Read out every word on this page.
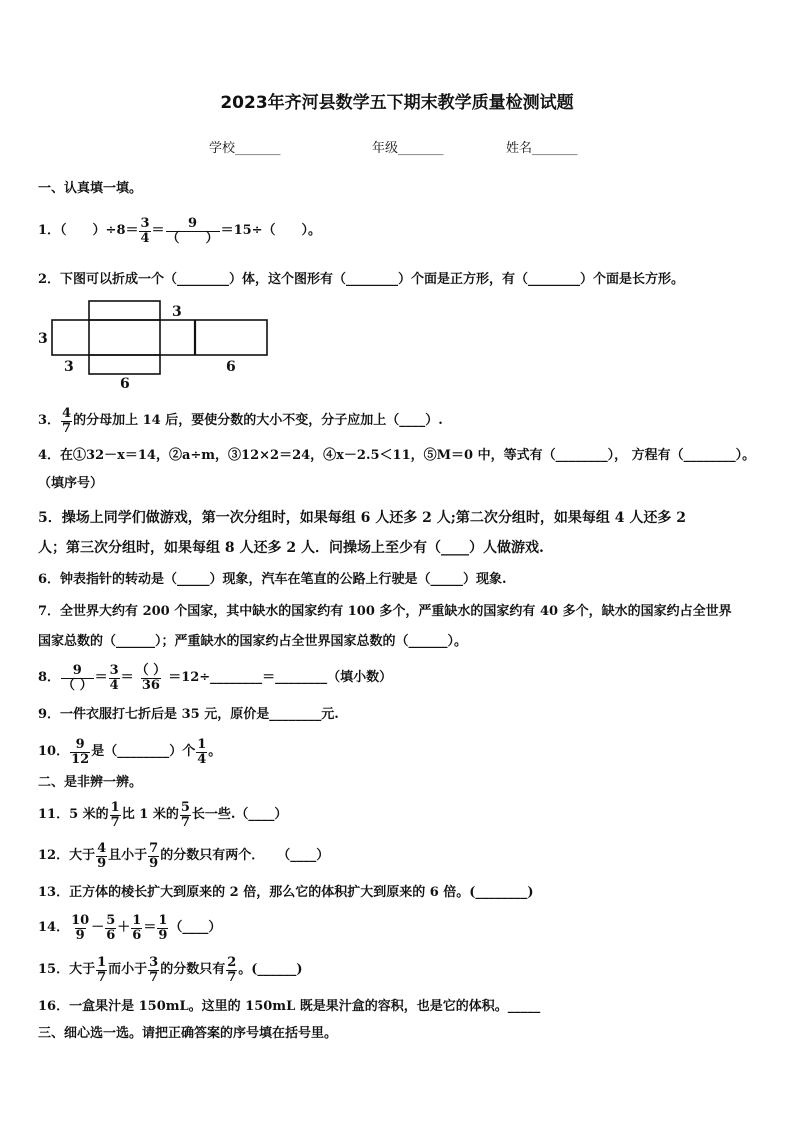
2023年齐河县数学五下期末教学质量检测试题
学校_______	年级_______	姓名_______
一、认真填一填。
1．（　　）$\div 8= \frac{3}{4} = \frac{9}{( )} =15\div$（　　）。
2．下图可以折成一个（________）体，这个图形有（________）个面是正方形，有（________）个面是长方形。
3
3
3
6
6
3． $\frac{4}{7}$ 的分母加上 14 后，要使分数的大小不变，分子应加上（____）.
4．在①32－x＝14，②a÷m，③12×2＝24，④x－2.5＜11，⑤M＝0 中，等式有（________）， 方程有（________）。
（填序号）
5．操场上同学们做游戏，第一次分组时，如果每组 6 人还多 2 人;第二次分组时，如果每组 4 人还多 2
人；第三次分组时，如果每组 8 人还多 2 人．问操场上至少有（____）人做游戏.
6．钟表指针的转动是（_____）现象，汽车在笔直的公路上行驶是（_____）现象.
7．全世界大约有 200 个国家，其中缺水的国家约有 100 多个，严重缺水的国家约有 40 多个，缺水的国家约占全世界
国家总数的（______）；严重缺水的国家约占全世界国家总数的（______）。
8． $\frac{9}{( )} = \frac{3}{4} = \frac{( )}{36}$ ＝12÷________＝________（填小数）
9．一件衣服打七折后是 35 元，原价是________元.
10． $\frac{9}{12}$ 是（________）个 $\frac{1}{4}$ 。
二、是非辨一辨。
11．5 米的 $\frac{1}{7}$ 比 1 米的 $\frac{5}{7}$ 长一些.（____）
12．大于 $\frac{4}{9}$ 且小于 $\frac{7}{9}$ 的分数只有两个．　　（____）
13．正方体的棱长扩大到原来的 2 倍，那么它的体积扩大到原来的 6 倍。(________)
14． $\frac{10}{9} - \frac{5}{6} + \frac{1}{6} = \frac{1}{9}$ （____）
15．大于 $\frac{1}{7}$ 而小于 $\frac{3}{7}$ 的分数只有 $\frac{2}{7}$ 。(______)
16．一盒果汁是 150mL。这里的 150mL 既是果汁盒的容积，也是它的体积。_____
三、细心选一选。请把正确答案的序号填在括号里。
